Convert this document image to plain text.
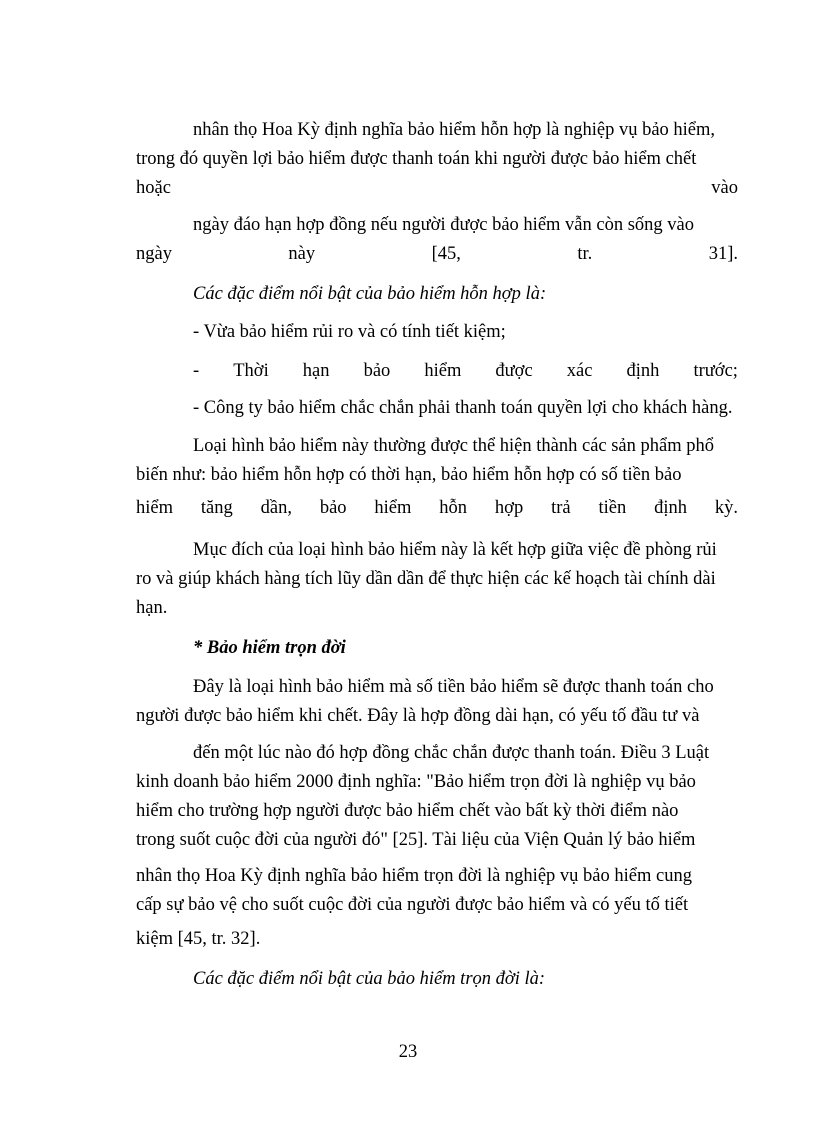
nhân thọ Hoa Kỳ định nghĩa bảo hiểm hỗn hợp là nghiệp vụ bảo hiểm,
trong đó quyền lợi bảo hiểm được thanh toán khi người được bảo hiểm chết
hoặc	vào
ngày đáo hạn hợp đồng nếu người được bảo hiểm vẫn còn sống vào
ngày	này	[45,	tr.	31].
Các đặc điểm nổi bật của bảo hiểm hỗn hợp là:
- Vừa bảo hiểm rủi ro và có tính tiết kiệm;
- Thời hạn bảo hiểm được xác định trước;
- Công ty bảo hiểm chắc chắn phải thanh toán quyền lợi cho khách hàng.
Loại hình bảo hiểm này thường được thể hiện thành các sản phẩm phổ
biến như: bảo hiểm hỗn hợp có thời hạn, bảo hiểm hỗn hợp có số tiền bảo
hiểm tăng dần, bảo hiểm hỗn hợp trả tiền định kỳ.
Mục đích của loại hình bảo hiểm này là kết hợp giữa việc đề phòng rủi
ro và giúp khách hàng tích lũy dần dần để thực hiện các kế hoạch tài chính dài
hạn.
* Bảo hiểm trọn đời
Đây là loại hình bảo hiểm mà số tiền bảo hiểm sẽ được thanh toán cho
người được bảo hiểm khi chết. Đây là hợp đồng dài hạn, có yếu tố đầu tư và
đến một lúc nào đó hợp đồng chắc chắn được thanh toán. Điều 3 Luật
kinh doanh bảo hiểm 2000 định nghĩa: "Bảo hiểm trọn đời là nghiệp vụ bảo
hiểm cho trường hợp người được bảo hiểm chết vào bất kỳ thời điểm nào
trong suốt cuộc đời của người đó" [25]. Tài liệu của Viện Quản lý bảo hiểm
nhân thọ Hoa Kỳ định nghĩa bảo hiểm trọn đời là nghiệp vụ bảo hiểm cung
cấp sự bảo vệ cho suốt cuộc đời của người được bảo hiểm và có yếu tố tiết
kiệm [45, tr. 32].
Các đặc điểm nổi bật của bảo hiểm trọn đời là:
23
